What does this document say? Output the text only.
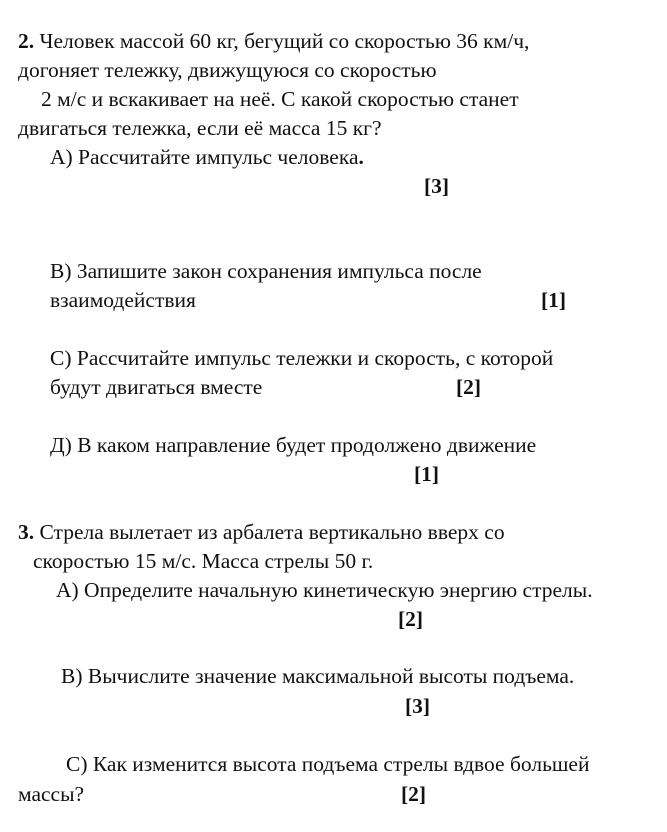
2. Человек массой 60 кг, бегущий со скоростью 36 км/ч,
догоняет тележку, движущуюся со скоростью
2 м/с и вскакивает на неё. С какой скоростью станет
двигаться тележка, если её масса 15 кг?
А) Рассчитайте импульс человека.
[3]
В) Запишите закон сохранения импульса после
взаимодействия	[1]
С) Рассчитайте импульс тележки и скорость, с которой
будут двигаться вместе	[2]
Д) В каком направление будет продолжено движение
[1]
3. Стрела вылетает из арбалета вертикально вверх со
скоростью 15 м/с. Масса стрелы 50 г.
А) Определите начальную кинетическую энергию стрелы.
[2]
В) Вычислите значение максимальной высоты подъема.
[3]
С) Как изменится высота подъема стрелы вдвое большей
массы?	[2]
